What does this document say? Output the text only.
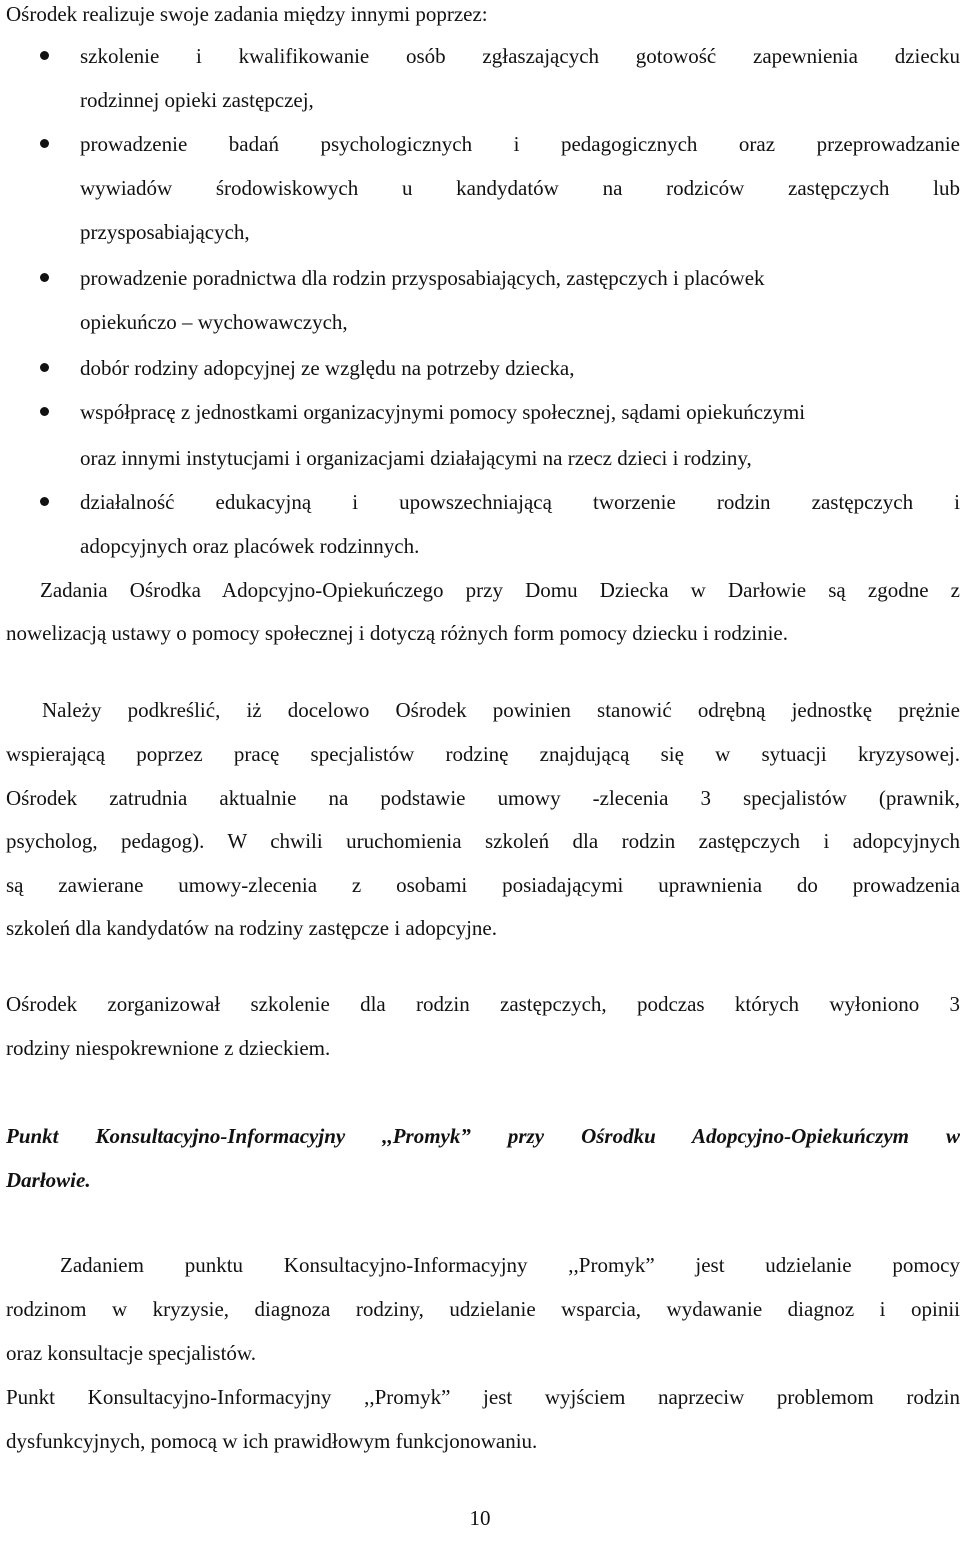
Ośrodek realizuje swoje zadania między innymi poprzez:
szkolenie i kwalifikowanie osób zgłaszających gotowość zapewnienia dziecku
rodzinnej opieki zastępczej,
prowadzenie badań psychologicznych i pedagogicznych oraz przeprowadzanie
wywiadów środowiskowych u kandydatów na rodziców zastępczych lub
przysposabiających,
prowadzenie poradnictwa dla rodzin przysposabiających, zastępczych i placówek
opiekuńczo – wychowawczych,
dobór rodziny adopcyjnej ze względu na potrzeby dziecka,
współpracę z jednostkami organizacyjnymi pomocy społecznej, sądami opiekuńczymi
oraz innymi instytucjami i organizacjami działającymi na rzecz dzieci i rodziny,
działalność edukacyjną i upowszechniającą tworzenie rodzin zastępczych i
adopcyjnych oraz placówek rodzinnych.
Zadania Ośrodka Adopcyjno-Opiekuńczego przy Domu Dziecka w Darłowie są zgodne z
nowelizacją ustawy o pomocy społecznej i dotyczą różnych form pomocy dziecku i rodzinie.
Należy podkreślić, iż docelowo Ośrodek powinien stanowić odrębną jednostkę prężnie
wspierającą poprzez pracę specjalistów rodzinę znajdującą się w sytuacji kryzysowej.
Ośrodek zatrudnia aktualnie na podstawie umowy -zlecenia 3 specjalistów (prawnik,
psycholog, pedagog). W chwili uruchomienia szkoleń dla rodzin zastępczych i adopcyjnych
są zawierane umowy-zlecenia z osobami posiadającymi uprawnienia do prowadzenia
szkoleń dla kandydatów na rodziny zastępcze i adopcyjne.
Ośrodek zorganizował szkolenie dla rodzin zastępczych, podczas których wyłoniono 3
rodziny niespokrewnione z dzieckiem.
Punkt Konsultacyjno-Informacyjny ,,Promyk” przy Ośrodku Adopcyjno-Opiekuńczym w
Darłowie.
Zadaniem punktu Konsultacyjno-Informacyjny ,,Promyk” jest udzielanie pomocy
rodzinom w kryzysie, diagnoza rodziny, udzielanie wsparcia, wydawanie diagnoz i opinii
oraz konsultacje specjalistów.
Punkt Konsultacyjno-Informacyjny ,,Promyk” jest wyjściem naprzeciw problemom rodzin
dysfunkcyjnych, pomocą w ich prawidłowym funkcjonowaniu.
10
